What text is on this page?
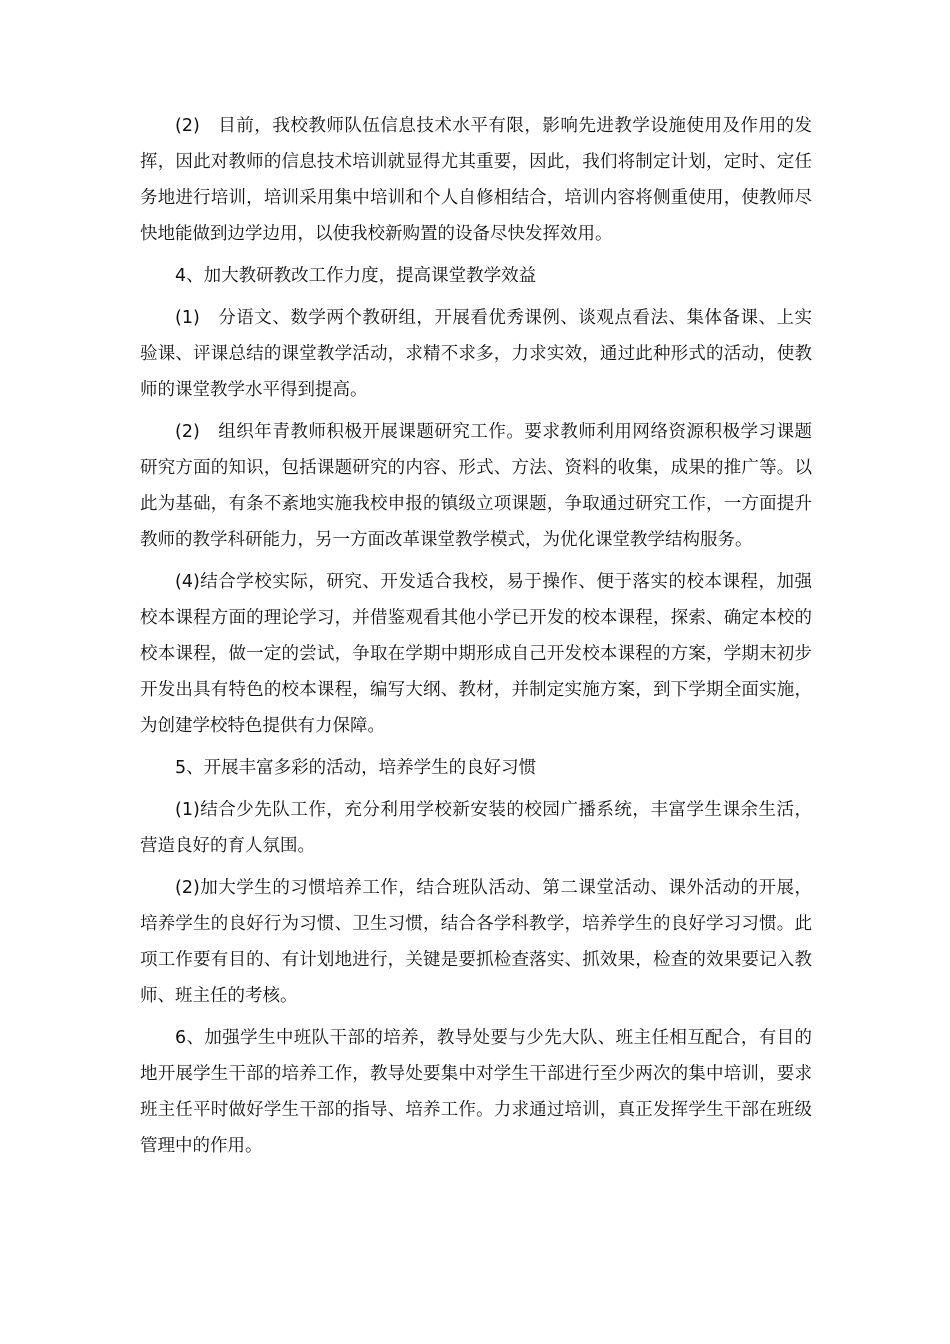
(2)　目前，我校教师队伍信息技术水平有限，影响先进教学设施使用及作用的发挥，因此对教师的信息技术培训就显得尤其重要，因此，我们将制定计划，定时、定任务地进行培训，培训采用集中培训和个人自修相结合，培训内容将侧重使用，使教师尽快地能做到边学边用，以使我校新购置的设备尽快发挥效用。

4、加大教研教改工作力度，提高课堂教学效益

(1)　分语文、数学两个教研组，开展看优秀课例、谈观点看法、集体备课、上实验课、评课总结的课堂教学活动，求精不求多，力求实效，通过此种形式的活动，使教师的课堂教学水平得到提高。

(2)　组织年青教师积极开展课题研究工作。要求教师利用网络资源积极学习课题研究方面的知识，包括课题研究的内容、形式、方法、资料的收集，成果的推广等。以此为基础，有条不紊地实施我校申报的镇级立项课题，争取通过研究工作，一方面提升教师的教学科研能力，另一方面改革课堂教学模式，为优化课堂教学结构服务。

(4)结合学校实际，研究、开发适合我校，易于操作、便于落实的校本课程，加强校本课程方面的理论学习，并借鉴观看其他小学已开发的校本课程，探索、确定本校的校本课程，做一定的尝试，争取在学期中期形成自己开发校本课程的方案，学期末初步开发出具有特色的校本课程，编写大纲、教材，并制定实施方案，到下学期全面实施，为创建学校特色提供有力保障。

5、开展丰富多彩的活动，培养学生的良好习惯

(1)结合少先队工作，充分利用学校新安装的校园广播系统，丰富学生课余生活，营造良好的育人氛围。

(2)加大学生的习惯培养工作，结合班队活动、第二课堂活动、课外活动的开展，培养学生的良好行为习惯、卫生习惯，结合各学科教学，培养学生的良好学习习惯。此项工作要有目的、有计划地进行，关键是要抓检查落实、抓效果，检查的效果要记入教师、班主任的考核。

6、加强学生中班队干部的培养，教导处要与少先大队、班主任相互配合，有目的地开展学生干部的培养工作，教导处要集中对学生干部进行至少两次的集中培训，要求班主任平时做好学生干部的指导、培养工作。力求通过培训，真正发挥学生干部在班级管理中的作用。
